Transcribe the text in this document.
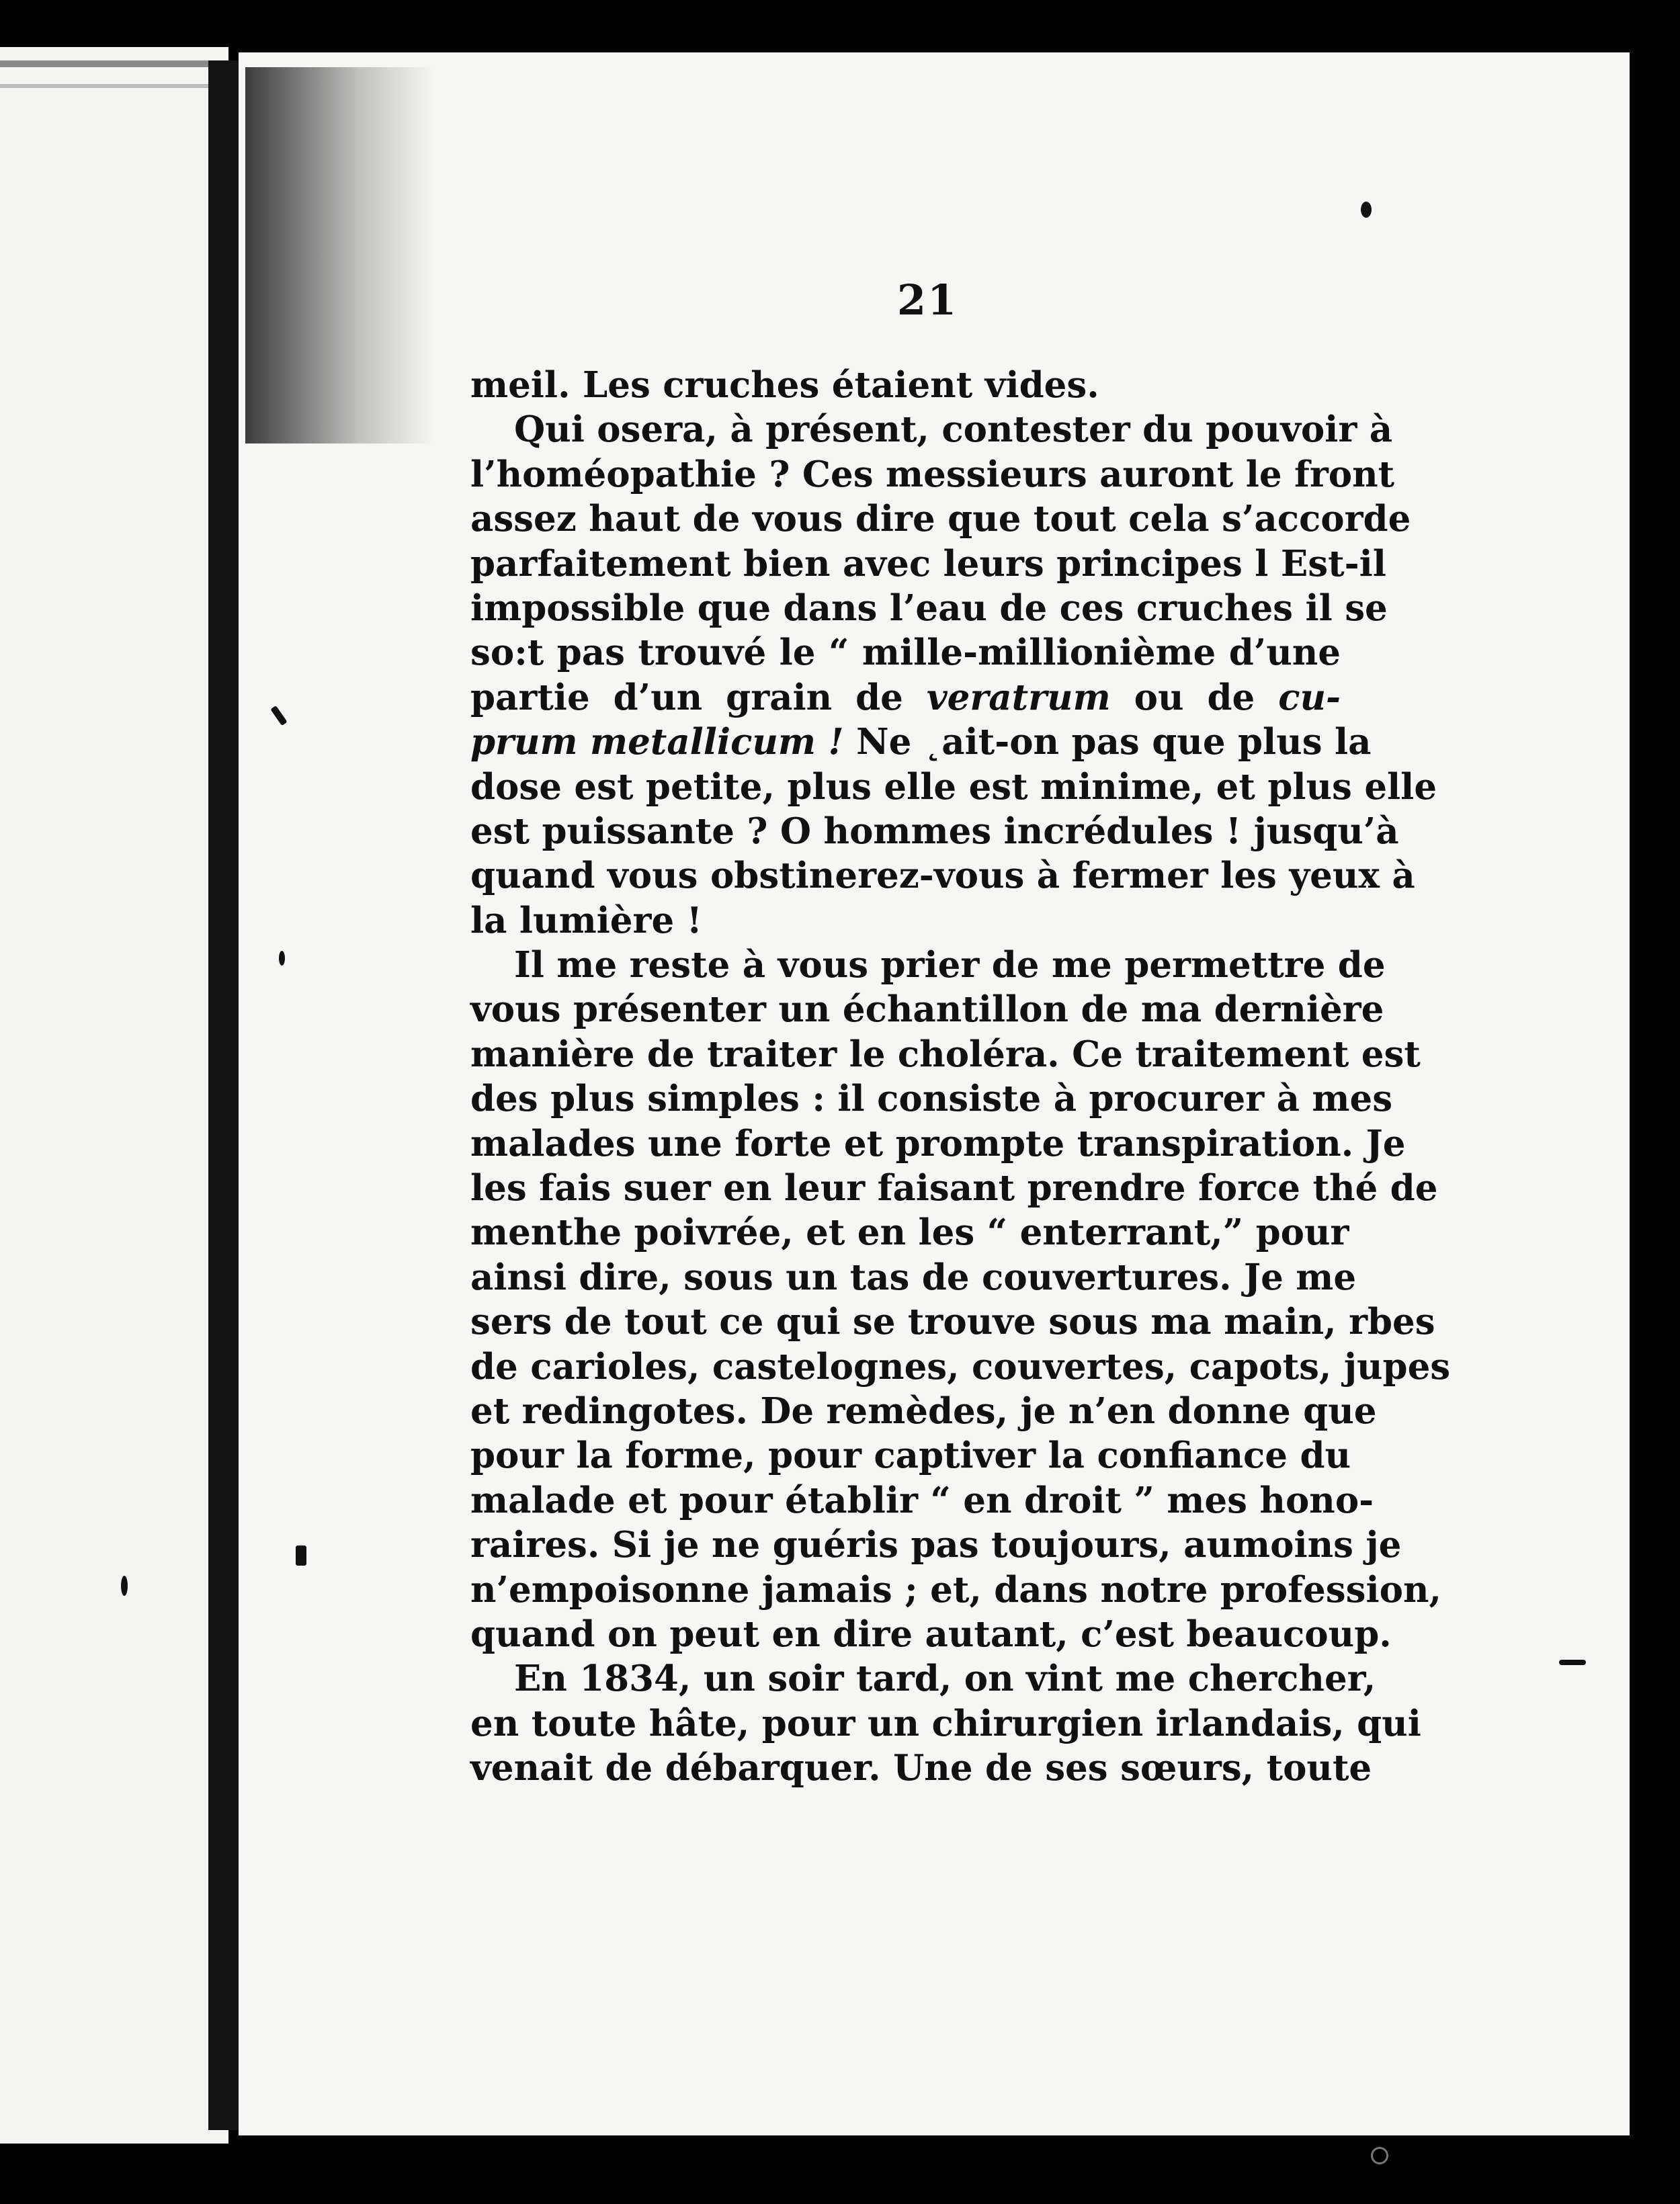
21
meil. Les cruches étaient vides.
Qui osera, à présent, contester du pouvoir à
l’homéopathie ? Ces messieurs auront le front
assez haut de vous dire que tout cela s’accorde
parfaitement bien avec leurs principes l Est-il
impossible que dans l’eau de ces cruches il se
so:t pas trouvé le “ mille-millionième d’une
partie d’un grain de veratrum ou de cu-
prum metallicum ! Ne ˛ait-on pas que plus la
dose est petite, plus elle est minime, et plus elle
est puissante ? O hommes incrédules ! jusqu’à
quand vous obstinerez-vous à fermer les yeux à
la lumière !
Il me reste à vous prier de me permettre de
vous présenter un échantillon de ma dernière
manière de traiter le choléra. Ce traitement est
des plus simples : il consiste à procurer à mes
malades une forte et prompte transpiration. Je
les fais suer en leur faisant prendre force thé de
menthe poivrée, et en les “ enterrant,” pour
ainsi dire, sous un tas de couvertures. Je me
sers de tout ce qui se trouve sous ma main, rbes
de carioles, castelognes, couvertes, capots, jupes
et redingotes. De remèdes, je n’en donne que
pour la forme, pour captiver la confiance du
malade et pour établir “ en droit ” mes hono-
raires. Si je ne guéris pas toujours, aumoins je
n’empoisonne jamais ; et, dans notre profession,
quand on peut en dire autant, c’est beaucoup.
En 1834, un soir tard, on vint me chercher,
en toute hâte, pour un chirurgien irlandais, qui
venait de débarquer. Une de ses sœurs, toute
